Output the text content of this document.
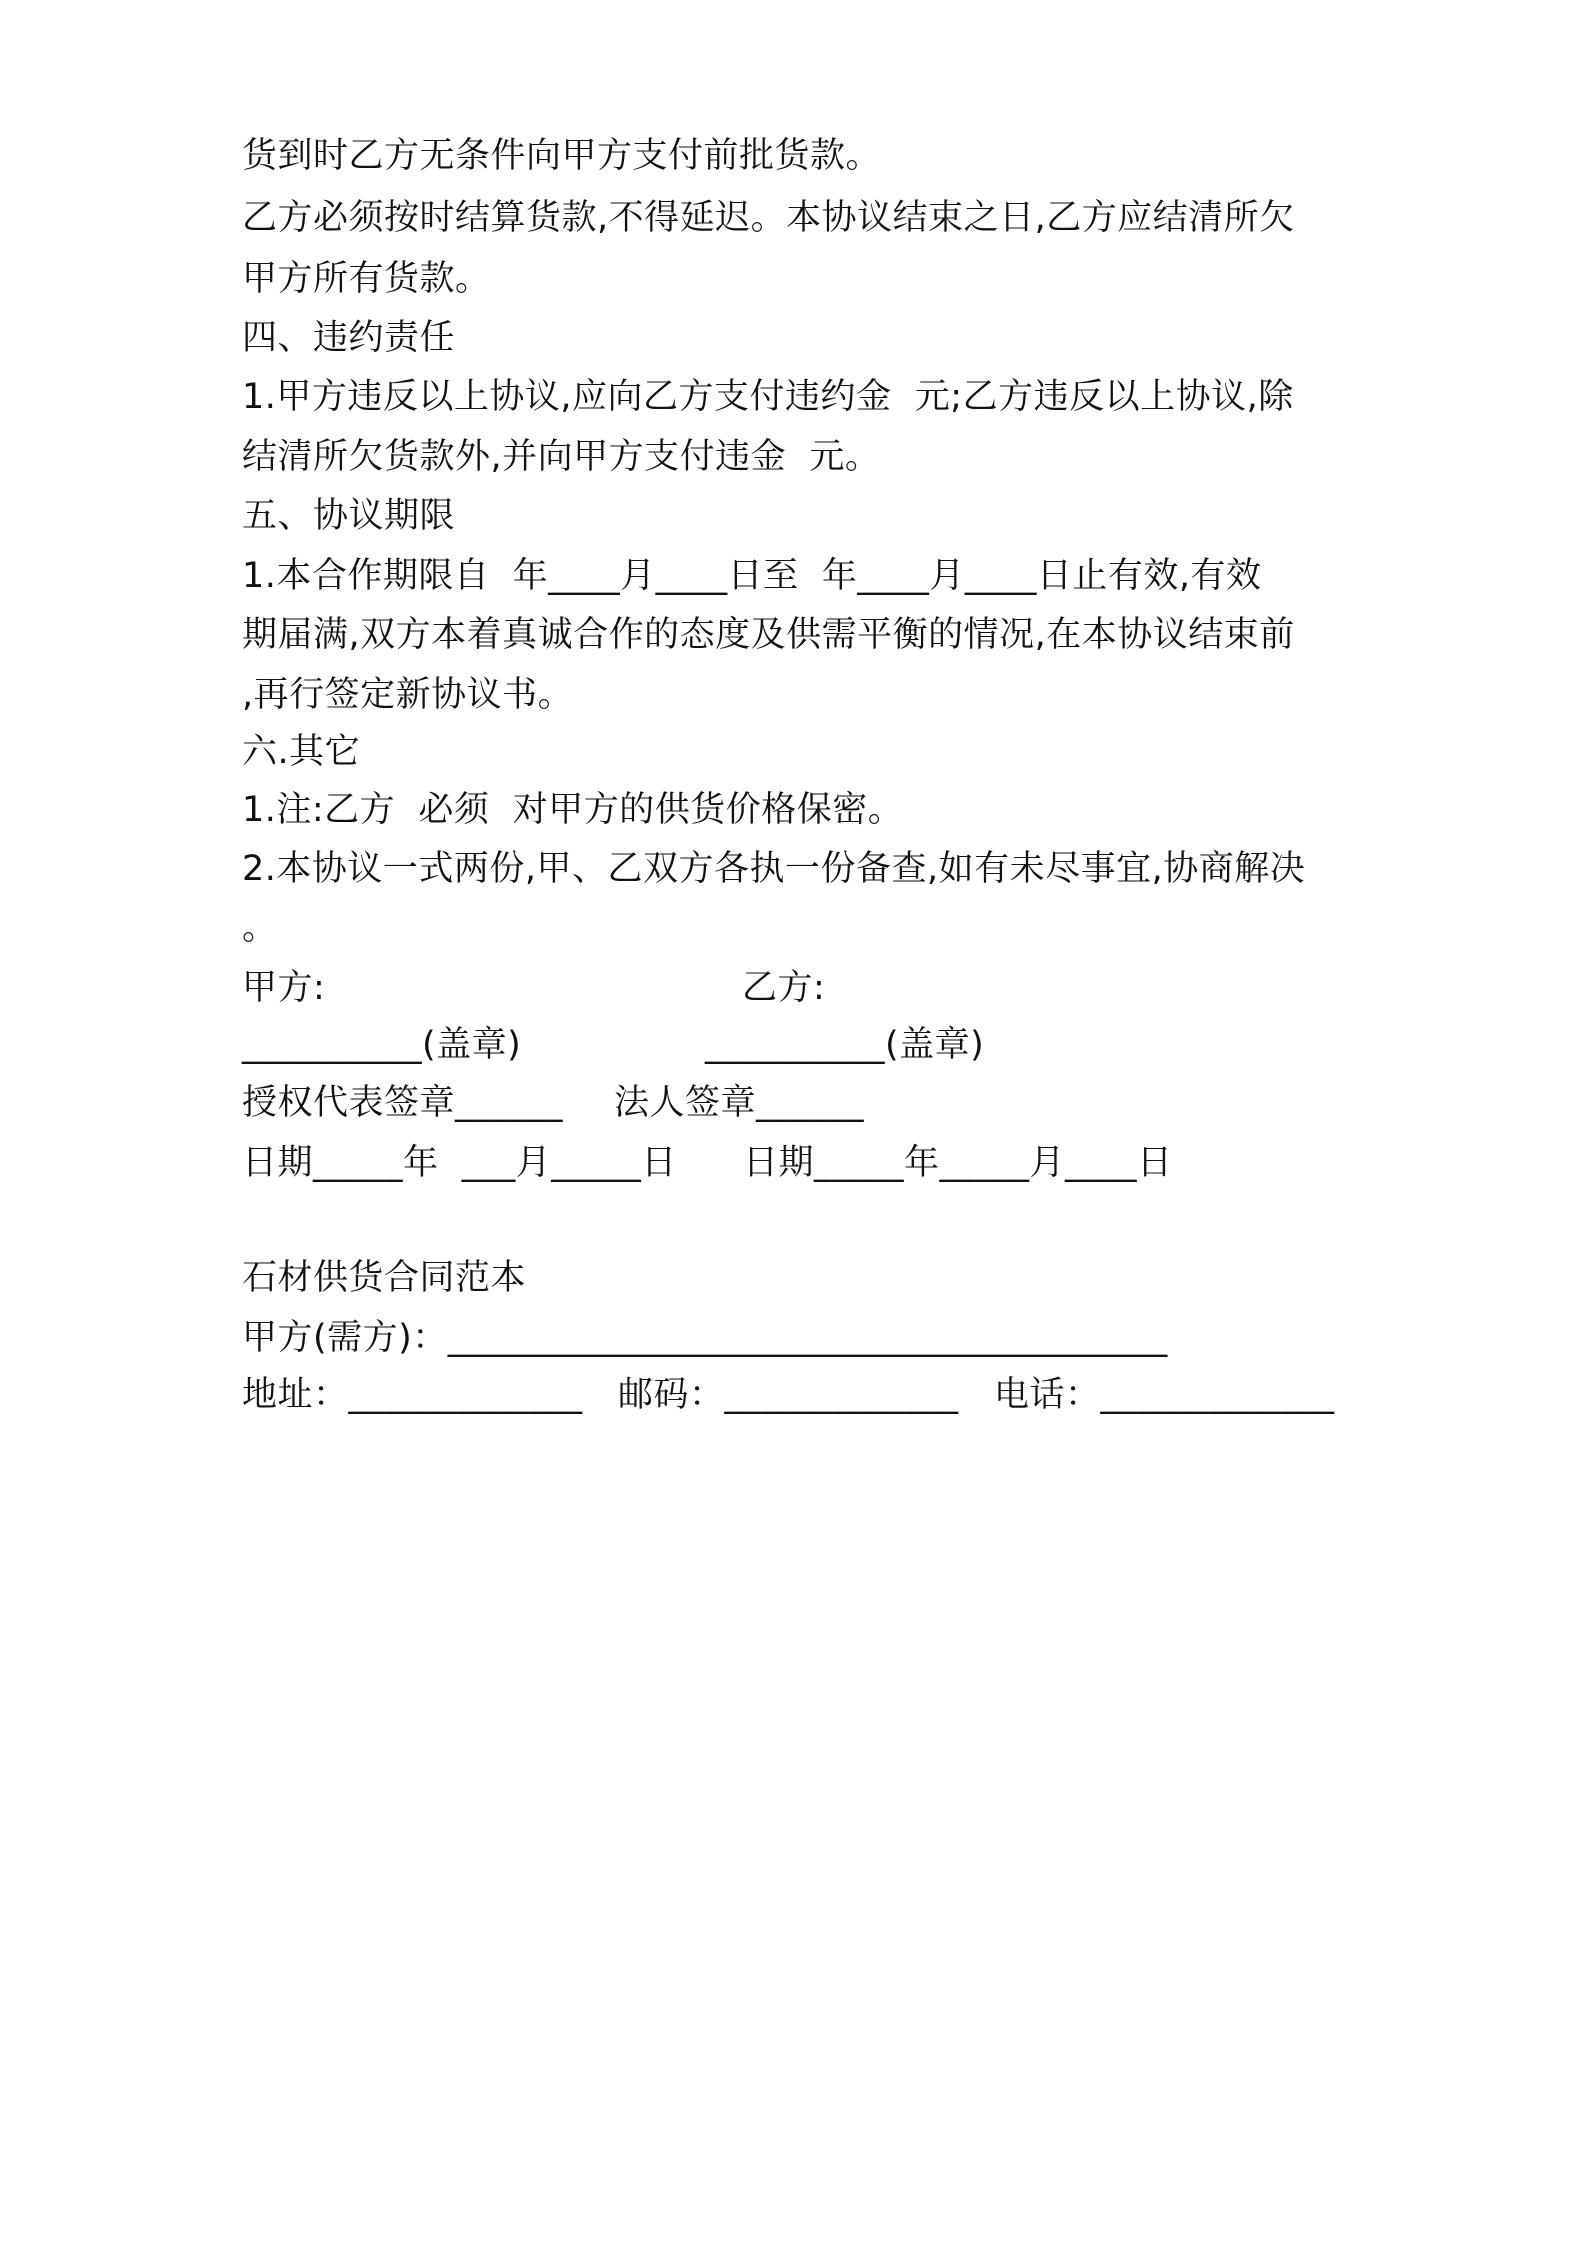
货到时乙方无条件向甲方支付前批货款。
乙方必须按时结算货款,不得延迟。本协议结束之日,乙方应结清所欠
甲方所有货款。
四、违约责任
1.甲方违反以上协议,应向乙方支付违约金  元;乙方违反以上协议,除
结清所欠货款外,并向甲方支付违金  元。
五、协议期限
1.本合作期限自  年____月____日至  年____月____日止有效,有效
期届满,双方本着真诚合作的态度及供需平衡的情况,在本协议结束前
,再行签定新协议书。
六.其它
1.注:乙方  必须  对甲方的供货价格保密。
2.本协议一式两份,甲、乙双方各执一份备查,如有未尽事宜,协商解决
。
甲方:	乙方:
__________(盖章)	__________(盖章)
授权代表签章______ 法人签章______
日期_____年  ___月_____日 日期_____年_____月____日
石材供货合同范本
甲方(需方)：________________________________________
地址：_____________ 邮码：_____________ 电话：_____________
